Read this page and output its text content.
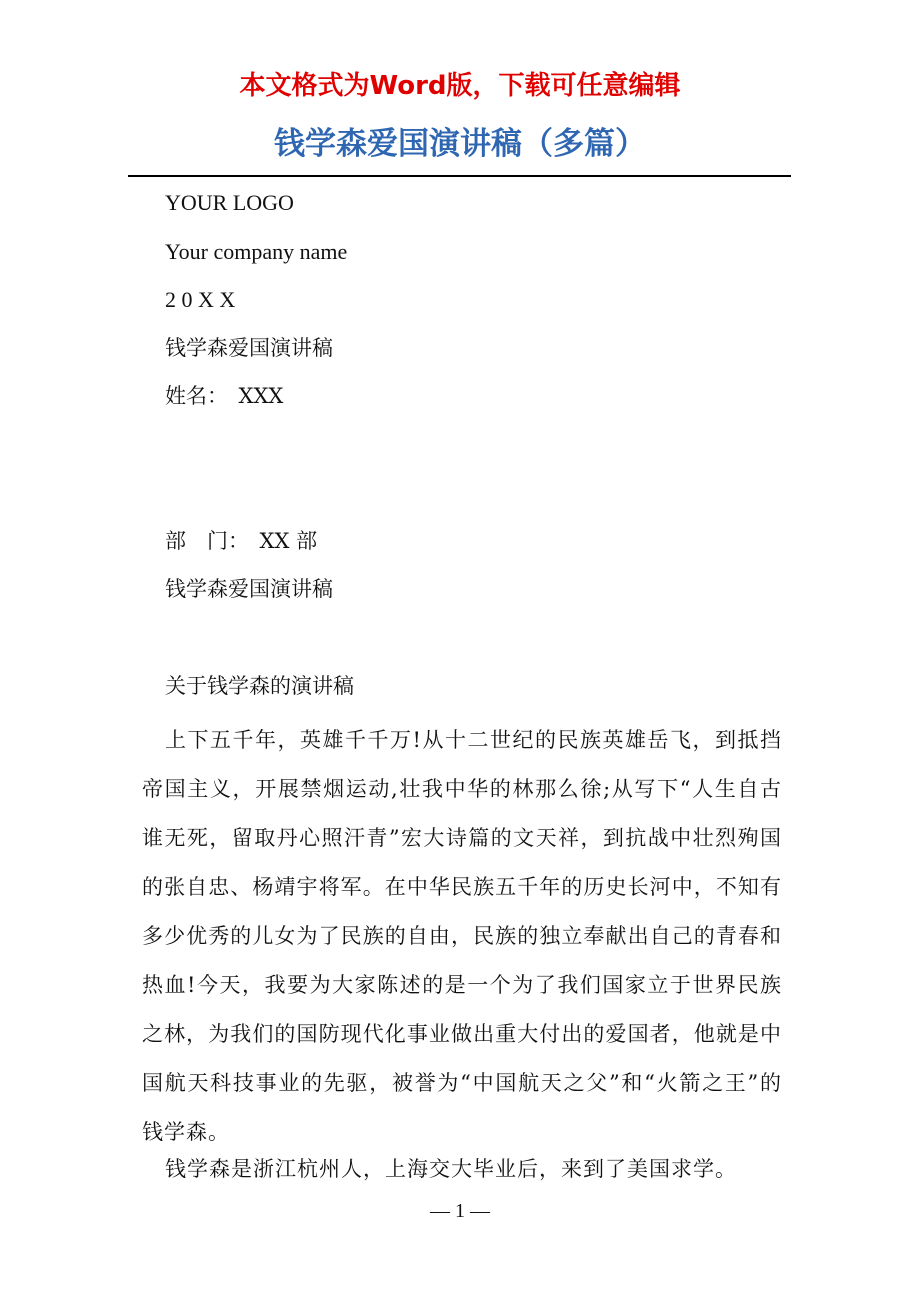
本文格式为Word版，下载可任意编辑
钱学森爱国演讲稿（多篇）
YOUR LOGO
Your company name
2 0 X X
钱学森爱国演讲稿
姓名：　XXX
部　门：　XX 部
钱学森爱国演讲稿
关于钱学森的演讲稿

上下五千年，英雄千千万!从十二世纪的民族英雄岳飞，到抵挡帝国主义，开展禁烟运动,壮我中华的林那么徐;从写下“人生自古谁无死，留取丹心照汗青”宏大诗篇的文天祥，到抗战中壮烈殉国的张自忠、杨靖宇将军。在中华民族五千年的历史长河中，不知有多少优秀的儿女为了民族的自由，民族的独立奉献出自己的青春和热血!今天，我要为大家陈述的是一个为了我们国家立于世界民族之林，为我们的国防现代化事业做出重大付出的爱国者，他就是中国航天科技事业的先驱，被誉为“中国航天之父”和“火箭之王”的钱学森。

钱学森是浙江杭州人，上海交大毕业后，来到了美国求学。

— 1 —
